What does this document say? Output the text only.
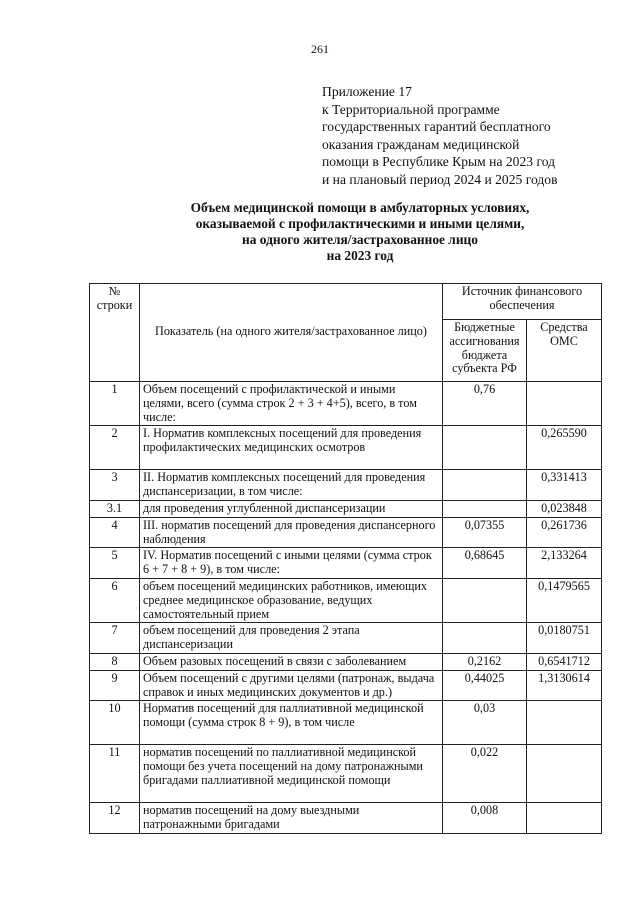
261
Приложение 17
к Территориальной программе
государственных гарантий бесплатного
оказания гражданам медицинской
помощи в Республике Крым на 2023 год
и на плановый период 2024 и 2025 годов
Объем медицинской помощи в амбулаторных условиях,
оказываемой с профилактическими и иными целями,
на одного жителя/застрахованное лицо
на 2023 год
№ строки	Показатель (на одного жителя/застрахованное лицо)	Источник финансового обеспечения	
		Бюджетные ассигнования бюджета субъекта РФ	Средства ОМС
1	Объем посещений с профилактической и иными целями, всего (сумма строк 2 + 3 + 4+5), всего, в том числе:	0,76	
2	I. Норматив комплексных посещений для проведения профилактических медицинских осмотров		0,265590
3	II. Норматив комплексных посещений для проведения диспансеризации, в том числе:		0,331413
3.1	для проведения углубленной диспансеризации		0,023848
4	III. норматив посещений для проведения диспансерного наблюдения	0,07355	0,261736
5	IV. Норматив посещений с иными целями (сумма строк 6 + 7 + 8 + 9), в том числе:	0,68645	2,133264
6	объем посещений медицинских работников, имеющих среднее медицинское образование, ведущих самостоятельный прием		0,1479565
7	объем посещений для проведения 2 этапа диспансеризации		0,0180751
8	Объем разовых посещений в связи с заболеванием	0,2162	0,6541712
9	Объем посещений с другими целями (патронаж, выдача справок и иных медицинских документов и др.)	0,44025	1,3130614
10	Норматив посещений для паллиативной медицинской помощи (сумма строк 8 + 9), в том числе	0,03	
11	норматив посещений по паллиативной медицинской помощи без учета посещений на дому патронажными бригадами паллиативной медицинской помощи	0,022	
12	норматив посещений на дому выездными патронажными бригадами	0,008	
